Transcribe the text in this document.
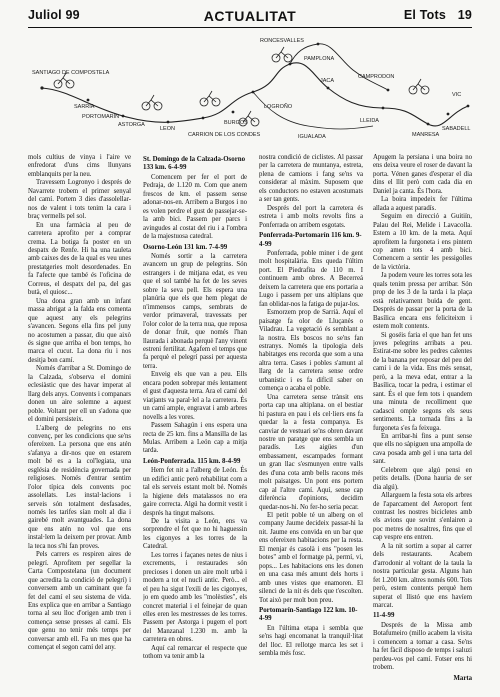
Juliol 99	ACTUALITAT	El Tots 19
SANTIAGO DE COMPOSTELA
SARRIA
PORTOMARIN
ASTORGA
LEON
CARRION DE LOS CONDES
BURGOS
RONCESVALLES
PAMPLONA
LOGROÑO
JACA
CAMPRODON
LLEIDA
IGUALADA	MANRESA
VIC
SABADELL

mols cultius de vinya i l'aire ve enfredorat d'uns cims llunyans emblanquits per la neu.

Travessem Logronyo i després de Navarrete trobem el primer senyal del camí. Portem 3 dies d'assolellar-nos de valent i tots tenim la cara i braç vermells pel sol.

En una farmàcia al peu de carretera aprofito per a comprar crema. La botiga fa poster en un despatx de Renfe. Hi ha una tauleta amb caixes des de la qual es veu unes prestatgeries molt desordenades. En fa l'afecte que també és l'oficina de Correus, el despatx del pa, del gas butà, el quiosc...

Una dona gran amb un infant massa abrigat a la falda ens comenta que aquest any els pelegrins s'avancen. Segons ella fins pel juny no acostumen a passar, diu que això és signe que arriba el bon temps, ho marca el cucut. La dona riu i nos desitja bon camí.

Només d'arribar a St. Domingo de la Calzada, s'observa el domini eclesiàstic que des havar imperat al llarg dels anys. Convents i companars donen un aire solemne a aquest poble. Voltant per ell un s'adona que el domini persisteix.

L'alberg de pelegrins no ens convenç, per les condicions que se'ns ofereixen. La persona que ens atén s'afanya a dir-nos que en estarem molt bé es a la col'legiata, una església de residència governada per religioses. Només d'entrar sentim l'olor típica dels convents poc assolellats. Les instal·lacions i serveis són totalment desfasades, només les tarifes sían molt al dia i gairebé molt avantguades. La dona que ens atén no vol que ens instal·lem la deixem per provar. Amb la teca nos s'hi fan proves.

Pels carrers es respiren aires de pelegrí. Aprofitem per segellar la Carta Compostelana (un document que acredita la condició de pelegrí) i conversem amb un caminant que fa fet del camí el seu sistema de vida. Ens explica que en arribar a Santiago torna al seu lloc d'origen amb tren i comença sense presses al camí. Els que genu no tenir més temps per conversar amb ell. Fa un mes que ha començat el segon camí del any.

St. Domingo de la Calzada-Osorno 133 km. 6-4-99

Comencem per fer el port de Pedraja, de 1.120 m. Com que anem frescos de km. el passem sense adonar-nos-en. Arribem a Burgos i no es volen perdre el gust de passejar-se-la amb bici. Passem per parcs i avingudes al costat del riu i a l'ombra de la majestuosa catedral.

Osorno-León 131 km. 7-4-99

Només sortir a la carretera avancem un grup de pelegrins. Són estrangers i de mitjana edat, es veu que el sol també ha fet de les seves sobre la seva pell. Els espera una planúria que els que hem plegat de n'immensos camps, sembrats de verdor primaveral, travessats per l'olor color de la terra nua, que reposa de donar fruit, que només l'han llaurada i abonada perquè l'any vinent estreni fertilitat. Agafem el temps que fa perquè el pelegrí passi per aquesta terra.

Enveig els que van a peu. Ells encara poden sobrepar més lentament el gust d'aquesta terra. Ara el camí del viatjants va paral·lel a la carretera. És un camí ample, engravat i amb arbres novells a les vores.

Passem Sahagún i ens espera una recta de 25 km. fins a Mansilla de las Mulas. Arribem a León cap a mitja tarda.

León-Ponferrada. 115 km. 8-4-99

Hem fet nit a l'alberg de León. És un edifici antic però rehabilitat com a tal els serveis estant molt bé. Només la higiene dels matalassos no era gaire correcta. Algú ha dormit vestit i després ha tingut malsons.

De la visita a León, ens va sorprendre el fet que no hi haguessin les cigonyes a les torres de la Catedral.

Les torres i façanes netes de nius i excrements, i restaurades són precioses i donen un aire molt urbà i modern a tot el nucli antic. Però... el el peu ha sigut l'exili de les cigonyes, jo em quedo amb les "molèsties", els concret material i el feinejar de quan elles eren les mestresses de les torres. Passem per Astorga i pugem el port del Manzanal 1.230 m. amb la carretera en obres.

Aquí cal remarcar el respecte que tothom va tenir amb la

nostra condició de ciclistes. Al passar per la carretera de muntanya, estreta, plena de camions i fang se'ns va considerar al màxim. Suposem que els conductors no estaven acostumats a ser tan gents.

Després del port la carretera és estreta i amb molts revolts fins a Ponferrada on arribem esgotats.

Ponferrada-Portomarín 116 km. 9-4-99

Ponferrada, poble miner i de gent molt hospitalària. Ens queda l'últim port. El Piedrafita de 110 m. I continuem amb obres. A Becerreá deixem la carretera que ens portaria a Lugo i passem per uns altiplans que fan oblidar-nos la fatiga de pujar-los.

Esmorzem prop de Sarrià. Aquí el paisatge fa olor de Lluçanès o Viladrau. La vegetació és semblant a la nostra. Els boscos no se'ns fan estranys. Només la tipologia dels habitatges ens recorda que som a una altra terra. Cases i pobles s'amunt al llarg de la carretera sense ordre urbanístic i es fa difícil saber on comença o acaba el poble.

Una carretera sense trànsit ens porta cap una altiplana. on el bestiar hi pastura en pau i els cel·liers ens fa quedar la a festa companya. Es canviar de vestuari se'ns obren davant nostre un paratge que ens sembla un paradís. Les aigües d'un embassament, escampades formant un gran llac s'esmunyen entre valls des d'una cota amb bells racons més molt paisatges. Un pont ens portem cap al l'altre camí. Aquí, sense cap diferència d'opinions, decidim quedar-nos-hi. No fer-ho seria pecar.

El petit poble té un alberg on el company Jaume decideix passar-hi la nit. Jaume ens convida en un bar que ens ofereixen habitacions per la resta. El menjar és casolà i ens "posen les botes" amb el formatge pà, permí, vi, pops... Les habitacions ens les donen en una casa més amunt dels horts i amb unes vistes que enamoren. El silenci de la nit és dels que t'escolten. Tot això per molt bon preu.

Portomarín-Santiago 122 km. 10-4-99

En l'última etapa i sembla que se'ns hagi encomanat la tranquil·litat del lloc. El rellotge marca les set i sembla més fosc.

Apugem la persiana i una boira no ens deixa veure el roser de davant la porta. Vénen ganes d'esperar el dia dins el llit però com cada dia en Daniel ja canta. És l'hora.

La boira impedeix fer l'última allada a aquest paradís.

Seguim en direcció a Guitiín, Palau del Rei, Melide i Lavacolla. Estem a 10 km. de la meta. Aquí aprofitem la furgoneta i ens pintem cop amen tots 4 amb bici. Comencem a sentir les pessigolles de la victòria.

Ja podem veure les torres sota les quals tenim pressa per arribar. Són prop de les 3 de la tarda i la plaça està relativament buida de gent. Després de passar per la porta de la Basílica encara ens feliciteixm i estem molt contents.

Si goséis faria el que han fet uns joves pelegrins arribats a peu. Estirat-me sobre les pedres calentes de la banana per reposar del peu del camí i de la vida. Ens més sensat, però, a la meva edat, entrar a la Basílica, tocar la pedra, i estimar el sant. És el que fem tots i quandem una minuta de recolliment que cadascú omple segons els seus sentiments. La tornada fins a la furgoneta s'es fa feixuga.

En arribar-hi fins a punt sense que ells no sàpiguen una ampolla de cava posada amb gel i una tarta del sant.

Celebrem que algú pensi en petits detalls. (Dona hauria de ser dia algú).

Allarguem la festa sota els arbres de l'aparcament del Aeroport fent contrast les nostres bicicletes amb els avions que sovint s'enlairen a poc metres de nosaltres, fins que el cap vespre ens entren.

A la nit sortim a sopar al carrer dels restaurants. Acabem d'arrodonir al voltant de la taula la nostra particular gesta. Alguns han fet 1.200 km. altres només 600. Tots però, estem contents perquè hem superat el llistó que ens havíem marcat.

11-4-99

Després de la Missa amb Botafumeiro (millo acabem la visita i comencem a tornar a casa. Se'ns ha fet fàcil disposo de temps i saluzi perdeu-vos pel camí. Fotser ens hi trobem.

Marta
